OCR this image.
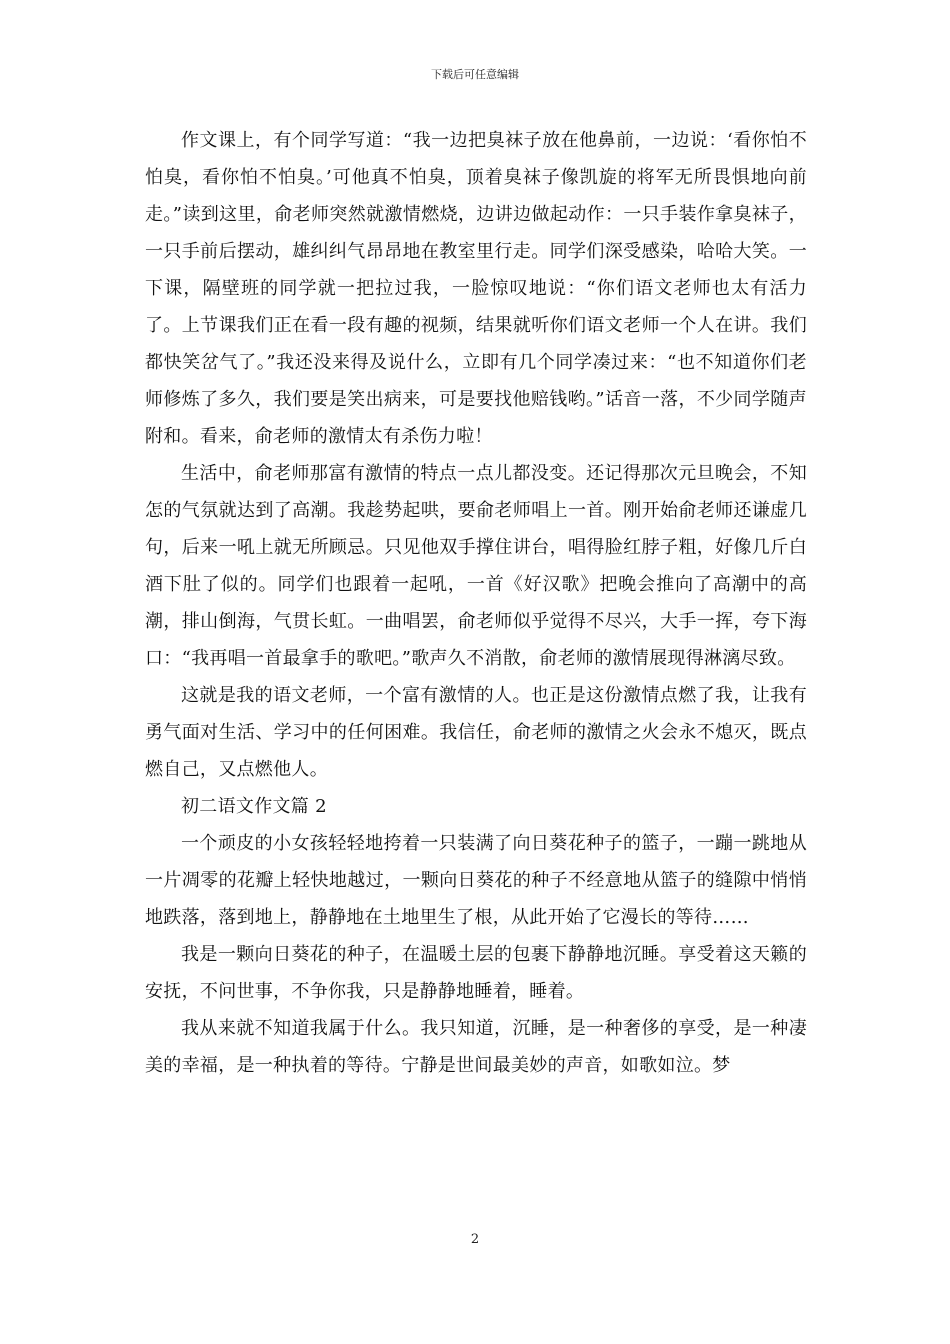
下载后可任意编辑

作文课上，有个同学写道：“我一边把臭袜子放在他鼻前，一边说：‘看你怕不怕臭，看你怕不怕臭。’可他真不怕臭，顶着臭袜子像凯旋的将军无所畏惧地向前走。”读到这里，俞老师突然就激情燃烧，边讲边做起动作：一只手装作拿臭袜子，一只手前后摆动，雄纠纠气昂昂地在教室里行走。同学们深受感染，哈哈大笑。一下课，隔壁班的同学就一把拉过我，一脸惊叹地说：“你们语文老师也太有活力了。上节课我们正在看一段有趣的视频，结果就听你们语文老师一个人在讲。我们都快笑岔气了。”我还没来得及说什么，立即有几个同学凑过来：“也不知道你们老师修炼了多久，我们要是笑出病来，可是要找他赔钱哟。”话音一落，不少同学随声附和。看来，俞老师的激情太有杀伤力啦！

生活中，俞老师那富有激情的特点一点儿都没变。还记得那次元旦晚会，不知怎的气氛就达到了高潮。我趁势起哄，要俞老师唱上一首。刚开始俞老师还谦虚几句，后来一吼上就无所顾忌。只见他双手撑住讲台，唱得脸红脖子粗，好像几斤白酒下肚了似的。同学们也跟着一起吼，一首《好汉歌》把晚会推向了高潮中的高潮，排山倒海，气贯长虹。一曲唱罢，俞老师似乎觉得不尽兴，大手一挥，夸下海口：“我再唱一首最拿手的歌吧。”歌声久不消散，俞老师的激情展现得淋漓尽致。

这就是我的语文老师，一个富有激情的人。也正是这份激情点燃了我，让我有勇气面对生活、学习中的任何困难。我信任，俞老师的激情之火会永不熄灭，既点燃自己，又点燃他人。

初二语文作文篇 2

一个顽皮的小女孩轻轻地挎着一只装满了向日葵花种子的篮子，一蹦一跳地从一片凋零的花瓣上轻快地越过，一颗向日葵花的种子不经意地从篮子的缝隙中悄悄地跌落，落到地上，静静地在土地里生了根，从此开始了它漫长的等待……

我是一颗向日葵花的种子，在温暖土层的包裹下静静地沉睡。享受着这天籁的安抚，不问世事，不争你我，只是静静地睡着，睡着。

我从来就不知道我属于什么。我只知道，沉睡，是一种奢侈的享受，是一种凄美的幸福，是一种执着的等待。宁静是世间最美妙的声音，如歌如泣。梦

2
